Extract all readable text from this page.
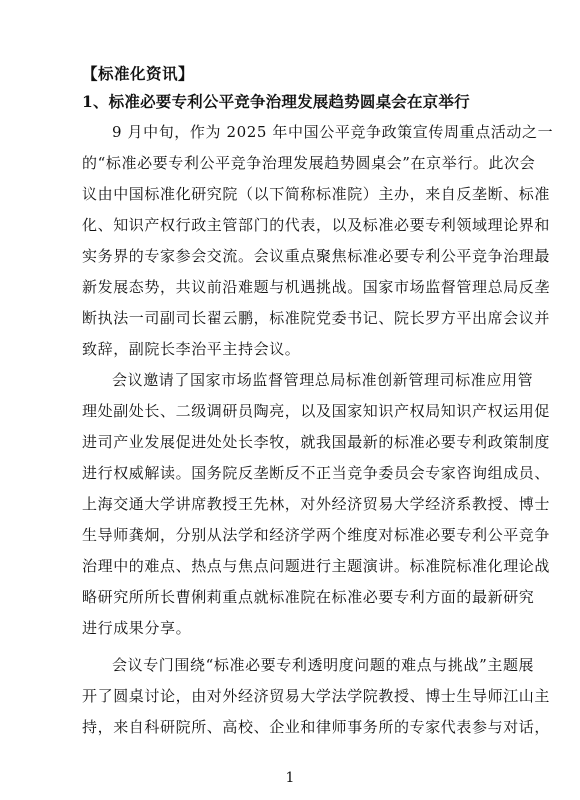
【标准化资讯】
1、标准必要专利公平竞争治理发展趋势圆桌会在京举行
9 月中旬，作为 2025 年中国公平竞争政策宣传周重点活动之一
的“标准必要专利公平竞争治理发展趋势圆桌会”在京举行。此次会
议由中国标准化研究院（以下简称标准院）主办，来自反垄断、标准
化、知识产权行政主管部门的代表，以及标准必要专利领域理论界和
实务界的专家参会交流。会议重点聚焦标准必要专利公平竞争治理最
新发展态势，共议前沿难题与机遇挑战。国家市场监督管理总局反垄
断执法一司副司长翟云鹏，标准院党委书记、院长罗方平出席会议并
致辞，副院长李治平主持会议。
会议邀请了国家市场监督管理总局标准创新管理司标准应用管
理处副处长、二级调研员陶亮，以及国家知识产权局知识产权运用促
进司产业发展促进处处长李牧，就我国最新的标准必要专利政策制度
进行权威解读。国务院反垄断反不正当竞争委员会专家咨询组成员、
上海交通大学讲席教授王先林，对外经济贸易大学经济系教授、博士
生导师龚炯，分别从法学和经济学两个维度对标准必要专利公平竞争
治理中的难点、热点与焦点问题进行主题演讲。标准院标准化理论战
略研究所所长曹俐莉重点就标准院在标准必要专利方面的最新研究
进行成果分享。
会议专门围绕“标准必要专利透明度问题的难点与挑战”主题展
开了圆桌讨论，由对外经济贸易大学法学院教授、博士生导师江山主
持，来自科研院所、高校、企业和律师事务所的专家代表参与对话，
1
